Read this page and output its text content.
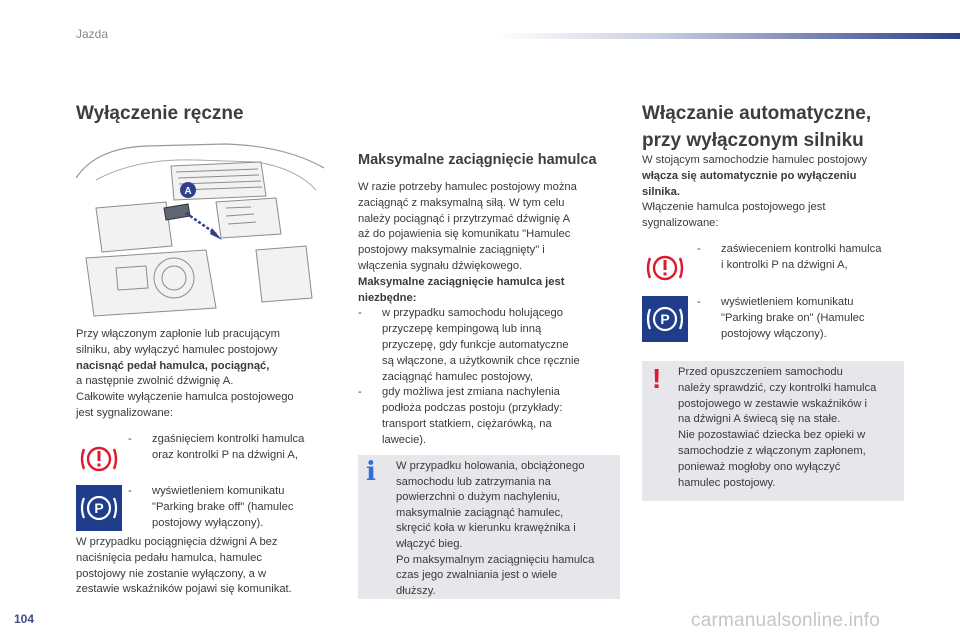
Jazda
Wyłączenie ręczne
A
Przy włączonym zapłonie lub pracującym
silniku, aby wyłączyć hamulec postojowy
nacisnąć pedał hamulca, pociągnąć,
a następnie zwolnić dźwignię A.
Całkowite wyłączenie hamulca postojowego
jest sygnalizowane:
- zgaśnięciem kontrolki hamulca
oraz kontrolki P na dźwigni A,
P
- wyświetleniem komunikatu
"Parking brake off" (hamulec
postojowy wyłączony).
W przypadku pociągnięcia dźwigni A bez
naciśnięcia pedału hamulca, hamulec
postojowy nie zostanie wyłączony, a w
zestawie wskaźników pojawi się komunikat.
Maksymalne zaciągnięcie hamulca
W razie potrzeby hamulec postojowy można
zaciągnąć z maksymalną siłą. W tym celu
należy pociągnąć i przytrzymać dźwignię A
aż do pojawienia się komunikatu "Hamulec
postojowy maksymalnie zaciągnięty" i
włączenia sygnału dźwiękowego.
Maksymalne zaciągnięcie hamulca jest
niezbędne:
- w przypadku samochodu holującego
przyczepę kempingową lub inną
przyczepę, gdy funkcje automatyczne
są włączone, a użytkownik chce ręcznie
zaciągnąć hamulec postojowy,
- gdy możliwa jest zmiana nachylenia
podłoża podczas postoju (przykłady:
transport statkiem, ciężarówką, na
lawecie).
i W przypadku holowania, obciążonego
samochodu lub zatrzymania na
powierzchni o dużym nachyleniu,
maksymalnie zaciągnąć hamulec,
skręcić koła w kierunku krawężnika i
włączyć bieg.
Po maksymalnym zaciągnięciu hamulca
czas jego zwalniania jest o wiele
dłuższy.
Włączanie automatyczne,
przy wyłączonym silniku
W stojącym samochodzie hamulec postojowy
włącza się automatycznie po wyłączeniu
silnika.
Włączenie hamulca postojowego jest
sygnalizowane:
- zaświeceniem kontrolki hamulca
i kontrolki P na dźwigni A,
P
- wyświetleniem komunikatu
"Parking brake on" (Hamulec
postojowy włączony).
! Przed opuszczeniem samochodu
należy sprawdzić, czy kontrolki hamulca
postojowego w zestawie wskaźników i
na dźwigni A świecą się na stałe.
Nie pozostawiać dziecka bez opieki w
samochodzie z włączonym zapłonem,
ponieważ mogłoby ono wyłączyć
hamulec postojowy.
104	carmanualsonline.info
